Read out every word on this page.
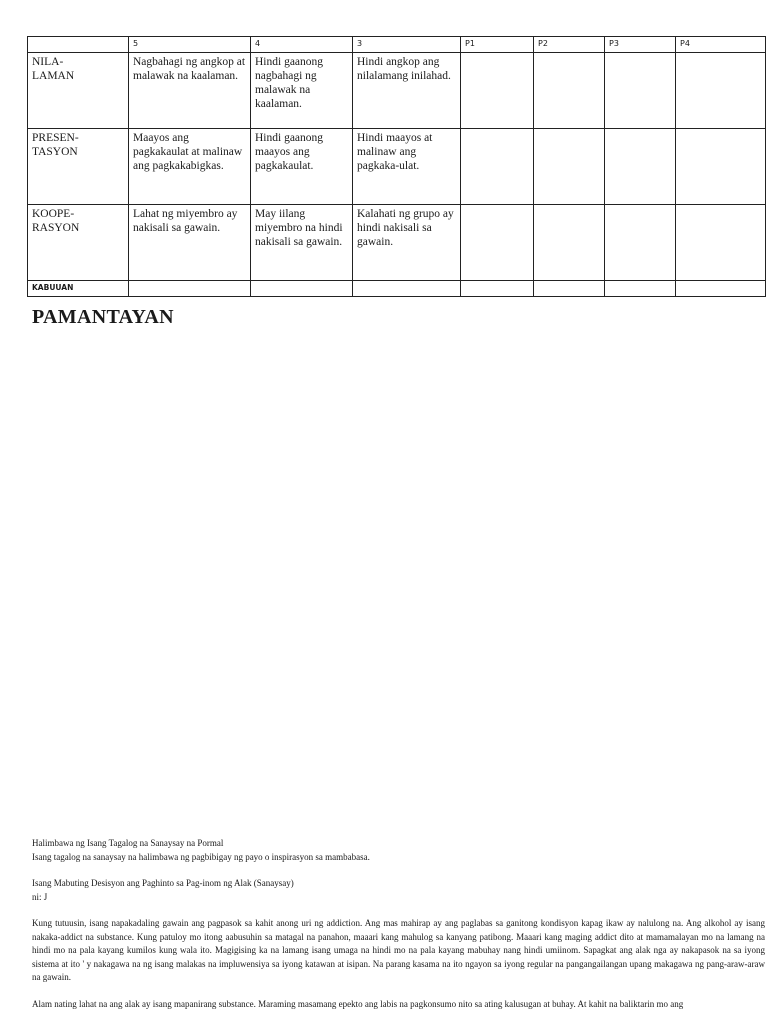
	5	4	3	P1	P2	P3	P4
NILA-
LAMAN	Nagbahagi ng angkop at malawak na kaalaman.	Hindi gaanong nagbahagi ng malawak na kaalaman.	Hindi angkop ang nilalamang inilahad.				
PRESEN-
TASYON	Maayos ang pagkakaulat at malinaw ang pagkakabigkas.	Hindi gaanong maayos ang pagkakaulat.	Hindi maayos at malinaw ang pagkaka-ulat.				
KOOPE-
RASYON	Lahat ng miyembro ay nakisali sa gawain.	May iilang miyembro na hindi nakisali sa gawain.	Kalahati ng grupo ay hindi nakisali sa gawain.				
KABUUAN							
PAMANTAYAN

Halimbawa ng Isang Tagalog na Sanaysay na Pormal

Isang tagalog na sanaysay na halimbawa ng pagbibigay ng payo o inspirasyon sa mambabasa.

Isang Mabuting Desisyon ang Paghinto sa Pag-inom ng Alak (Sanaysay)

ni: J

Kung tutuusin, isang napakadaling gawain ang pagpasok sa kahit anong uri ng addiction. Ang mas mahirap ay ang paglabas sa ganitong kondisyon kapag ikaw ay nalulong na. Ang alkohol ay isang nakaka-addict na substance. Kung patuloy mo itong aabusuhin sa matagal na panahon, maaari kang mahulog sa kanyang patibong. Maaari kang maging addict dito at mamamalayan mo na lamang na hindi mo na pala kayang kumilos kung wala ito. Magigising ka na lamang isang umaga na hindi mo na pala kayang mabuhay nang hindi umiinom. Sapagkat ang alak nga ay nakapasok na sa iyong sistema at ito ' y nakagawa na ng isang malakas na impluwensiya sa iyong katawan at isipan. Na parang kasama na ito ngayon sa iyong regular na pangangailangan upang makagawa ng pang-araw-araw na gawain.

Alam nating lahat na ang alak ay isang mapanirang substance. Maraming masamang epekto ang labis na pagkonsumo nito sa ating kalusugan at buhay. At kahit na baliktarin mo ang
